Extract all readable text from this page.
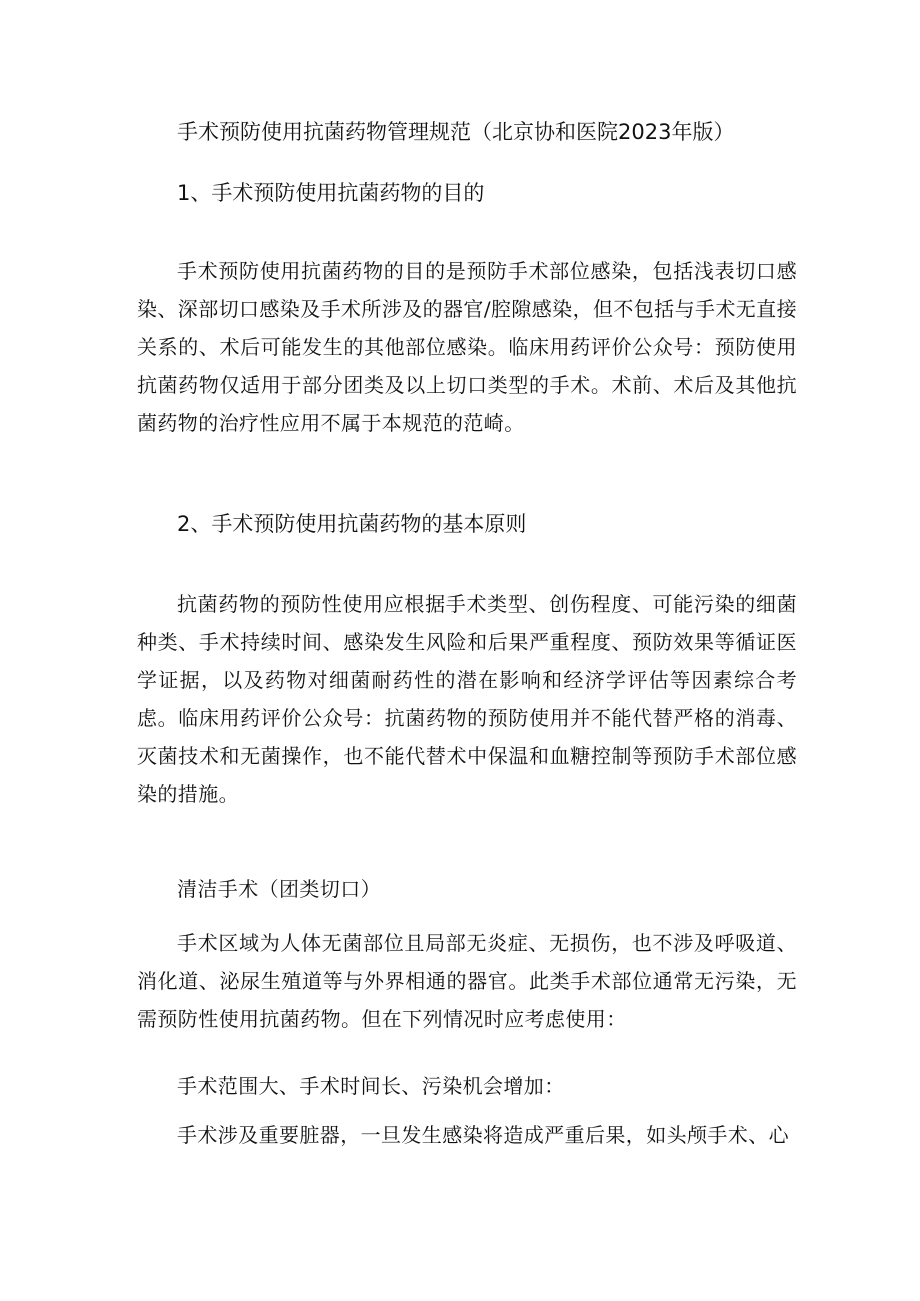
手术预防使用抗菌药物管理规范（北京协和医院2023年版）
1、手术预防使用抗菌药物的目的

手术预防使用抗菌药物的目的是预防手术部位感染，包括浅表切口感染、深部切口感染及手术所涉及的器官/腔隙感染，但不包括与手术无直接关系的、术后可能发生的其他部位感染。临床用药评价公众号：预防使用抗菌药物仅适用于部分团类及以上切口类型的手术。术前、术后及其他抗菌药物的治疗性应用不属于本规范的范崎。

2、手术预防使用抗菌药物的基本原则

抗菌药物的预防性使用应根据手术类型、创伤程度、可能污染的细菌种类、手术持续时间、感染发生风险和后果严重程度、预防效果等循证医学证据，以及药物对细菌耐药性的潜在影响和经济学评估等因素综合考虑。临床用药评价公众号：抗菌药物的预防使用并不能代替严格的消毒、灭菌技术和无菌操作，也不能代替术中保温和血糖控制等预防手术部位感染的措施。

清洁手术（团类切口）

手术区域为人体无菌部位且局部无炎症、无损伤，也不涉及呼吸道、消化道、泌尿生殖道等与外界相通的器官。此类手术部位通常无污染，无需预防性使用抗菌药物。但在下列情况时应考虑使用：

手术范围大、手术时间长、污染机会增加：

手术涉及重要脏器，一旦发生感染将造成严重后果，如头颅手术、心
